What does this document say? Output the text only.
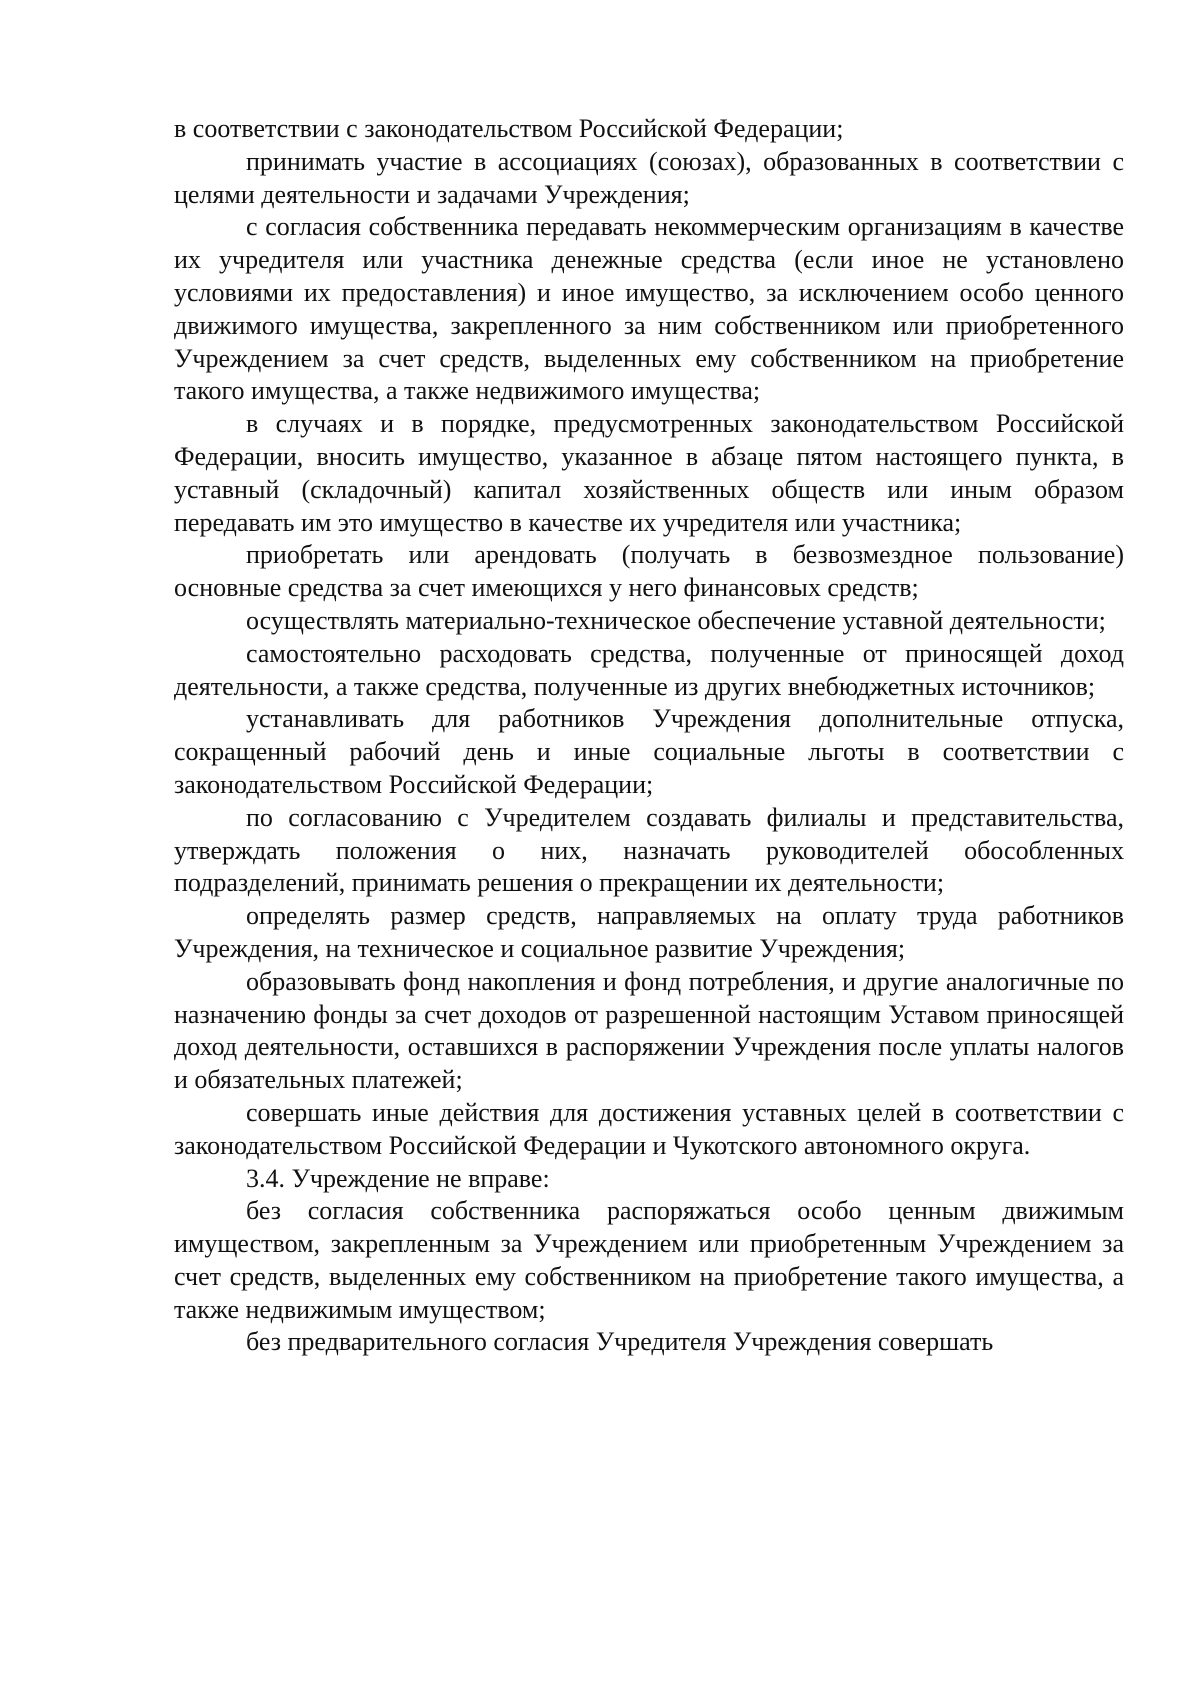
в соответствии с законодательством Российской Федерации;

принимать участие в ассоциациях (союзах), образованных в соответствии с целями деятельности и задачами Учреждения;

с согласия собственника передавать некоммерческим организациям в качестве их учредителя или участника денежные средства (если иное не установлено условиями их предоставления) и иное имущество, за исключением особо ценного движимого имущества, закрепленного за ним собственником или приобретенного Учреждением за счет средств, выделенных ему собственником на приобретение такого имущества, а также недвижимого имущества;

в случаях и в порядке, предусмотренных законодательством Российской Федерации, вносить имущество, указанное в абзаце пятом настоящего пункта, в уставный (складочный) капитал хозяйственных обществ или иным образом передавать им это имущество в качестве их учредителя или участника;

приобретать или арендовать (получать в безвозмездное пользование) основные средства за счет имеющихся у него финансовых средств;

осуществлять материально-техническое обеспечение уставной деятельности;

самостоятельно расходовать средства, полученные от приносящей доход деятельности, а также средства, полученные из других внебюджетных источников;

устанавливать для работников Учреждения дополнительные отпуска, сокращенный рабочий день и иные социальные льготы в соответствии с законодательством Российской Федерации;

по согласованию с Учредителем создавать филиалы и представительства, утверждать положения о них, назначать руководителей обособленных подразделений, принимать решения о прекращении их деятельности;

определять размер средств, направляемых на оплату труда работников Учреждения, на техническое и социальное развитие Учреждения;

образовывать фонд накопления и фонд потребления, и другие аналогичные по назначению фонды за счет доходов от разрешенной настоящим Уставом приносящей доход деятельности, оставшихся в распоряжении Учреждения после уплаты налогов и обязательных платежей;

совершать иные действия для достижения уставных целей в соответствии с законодательством Российской Федерации и Чукотского автономного округа.

3.4. Учреждение не вправе:

без согласия собственника распоряжаться особо ценным движимым имуществом, закрепленным за Учреждением или приобретенным Учреждением за счет средств, выделенных ему собственником на приобретение такого имущества, а также недвижимым имуществом;

без предварительного согласия Учредителя Учреждения совершать
